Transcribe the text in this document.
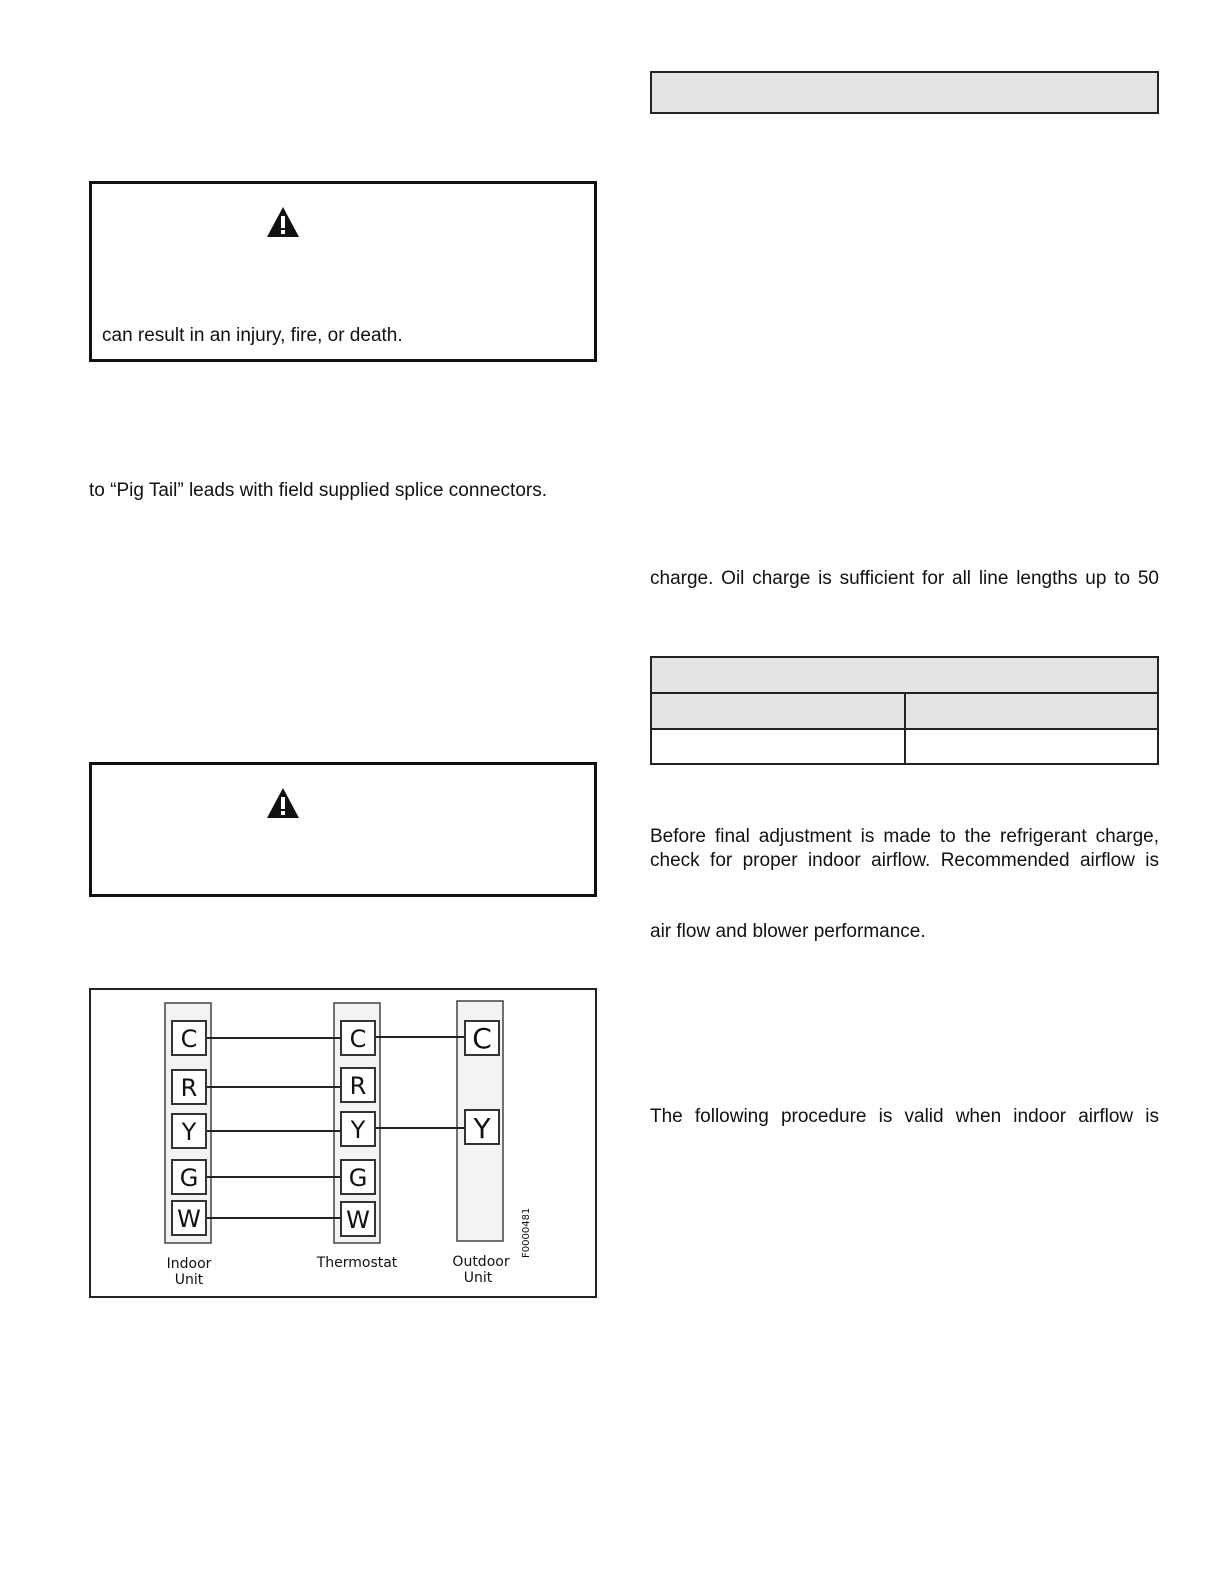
can result in an injury, fire, or death.
to “Pig Tail” leads with field supplied splice connectors.
C
R
Y
G
W
C
R
Y
G
W
C
Y
Indoor
Unit
Thermostat	Outdoor
Unit
F0000481
charge. Oil charge is sufficient for all line lengths up to 50
Before final adjustment is made to the refrigerant charge,
check for proper indoor airflow. Recommended airflow is
air flow and blower performance.
The following procedure is valid when indoor airflow is
